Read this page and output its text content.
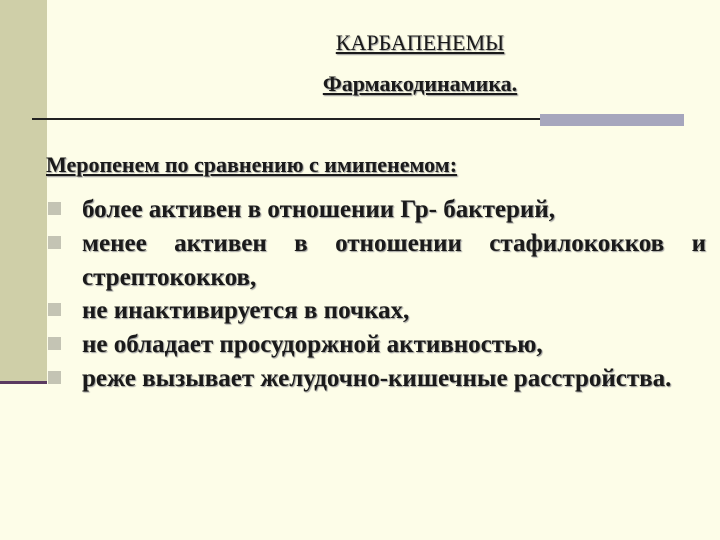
КАРБАПЕНЕМЫ
Фармакодинамика.
Меропенем по сравнению с имипенемом:
более активен в отношении Гр- бактерий,
менее активен в отношении стафилококков и стрептококков,
не инактивируется в почках,
не обладает просудоржной активностью,
реже вызывает желудочно-кишечные расстройства.
